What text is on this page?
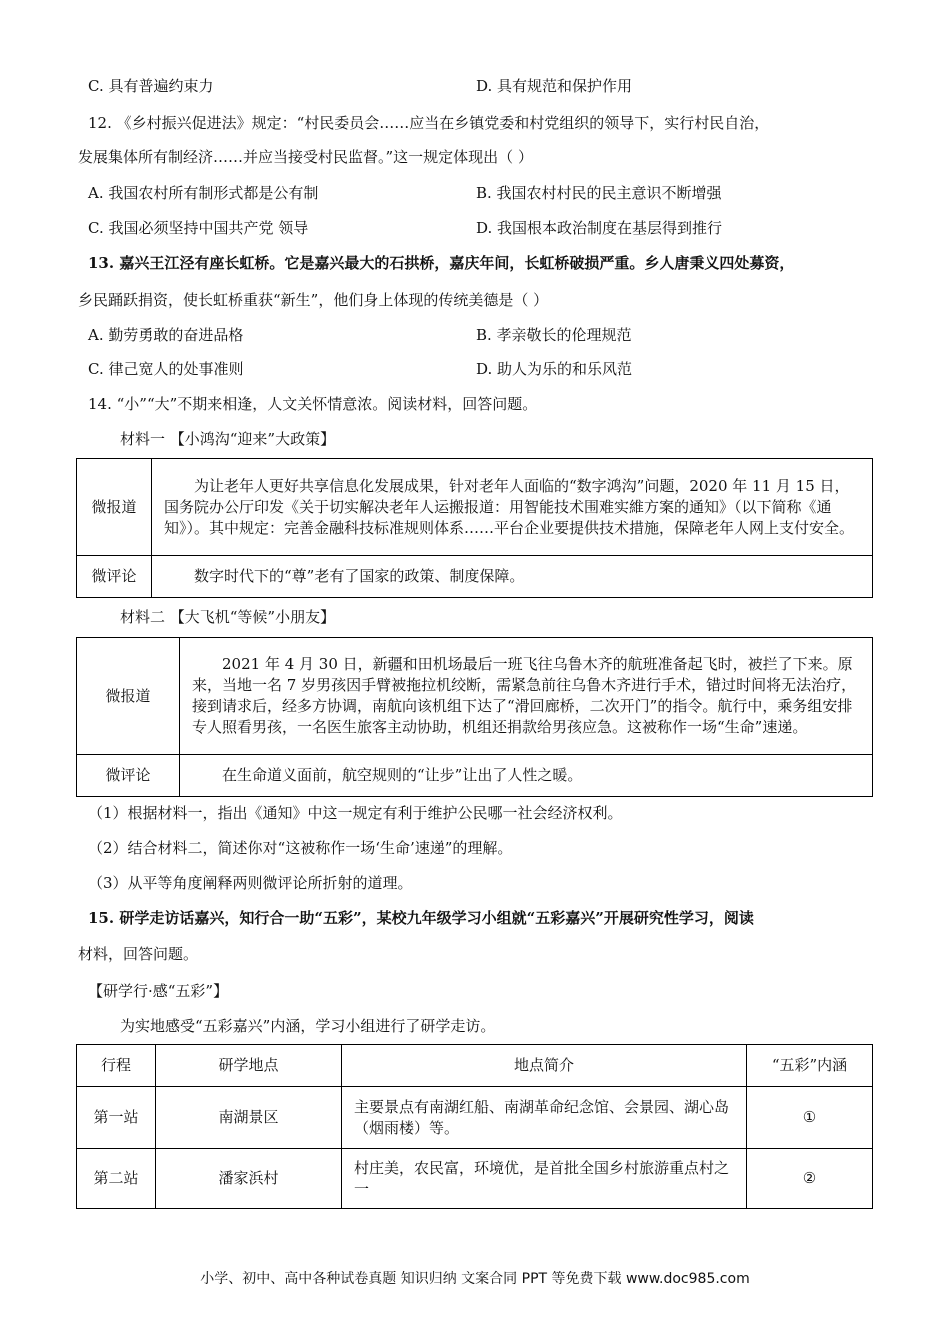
C. 具有普遍约束力	D. 具有规范和保护作用
12. 《乡村振兴促进法》规定：“村民委员会……应当在乡镇党委和村党组织的领导下，实行村民自治，
发展集体所有制经济……并应当接受村民监督。”这一规定体现出（ ）
A. 我国农村所有制形式都是公有制	B. 我国农村村民的民主意识不断增强
C. 我国必须坚持中国共产党 领导	D. 我国根本政治制度在基层得到推行
13. 嘉兴王江泾有座长虹桥。它是嘉兴最大的石拱桥，嘉庆年间，长虹桥破损严重。乡人唐秉义四处募资，
乡民踊跃捐资，使长虹桥重获“新生”，他们身上体现的传统美德是（ ）
A. 勤劳勇敢的奋进品格	B. 孝亲敬长的伦理规范
C. 律己宽人的处事准则	D. 助人为乐的和乐风范
14. “小”“大”不期来相逢，人文关怀情意浓。阅读材料，回答问题。
材料一 【小鸿沟“迎来”大政策】
微报道	为让老年人更好共享信息化发展成果，针对老年人面临的“数字鸿沟”问题，2020 年 11 月 15 日，国务院办公厅印发《关于切实解决老年人运搬报道：用智能技术围难实維方案的通知》（以下简称《通知》）。其中规定：完善金融科技标准规则体系……平台企业要提供技术措施，保障老年人网上支付安全。
微评论	数字时代下的“尊”老有了国家的政策、制度保障。
材料二 【大飞机“等候”小朋友】
微报道	2021 年 4 月 30 日，新疆和田机场最后一班飞往乌鲁木齐的航班准备起飞时，被拦了下来。原来，当地一名 7 岁男孩因手臂被拖拉机绞断，需紧急前往乌鲁木齐进行手术，错过时间将无法治疗，接到请求后，经多方协调，南航向该机组下达了“滑回廊桥，二次开门”的指令。航行中，乘务组安排专人照看男孩，一名医生旅客主动协助，机组还捐款给男孩应急。这被称作一场“生命”速递。
微评论	在生命道义面前，航空规则的“让步”让出了人性之暖。
（1）根据材料一，指出《通知》中这一规定有利于维护公民哪一社会经济权利。
（2）结合材料二，简述你对“这被称作一场‘生命’速递”的理解。
（3）从平等角度阐释两则微评论所折射的道理。
15. 研学走访话嘉兴，知行合一助“五彩”，某校九年级学习小组就“五彩嘉兴”开展研究性学习，阅读
材料，回答问题。
【研学行·感“五彩”】
为实地感受“五彩嘉兴”内涵，学习小组进行了研学走访。
行程	研学地点	地点简介	“五彩”内涵
第一站	南湖景区	主要景点有南湖红船、南湖革命纪念馆、会景园、湖心岛（烟雨楼）等。	①
第二站	潘家浜村	村庄美，农民富，环境优，是首批全国乡村旅游重点村之一	②
小学、初中、高中各种试卷真题 知识归纳 文案合同 PPT 等免费下载 www.doc985.com
